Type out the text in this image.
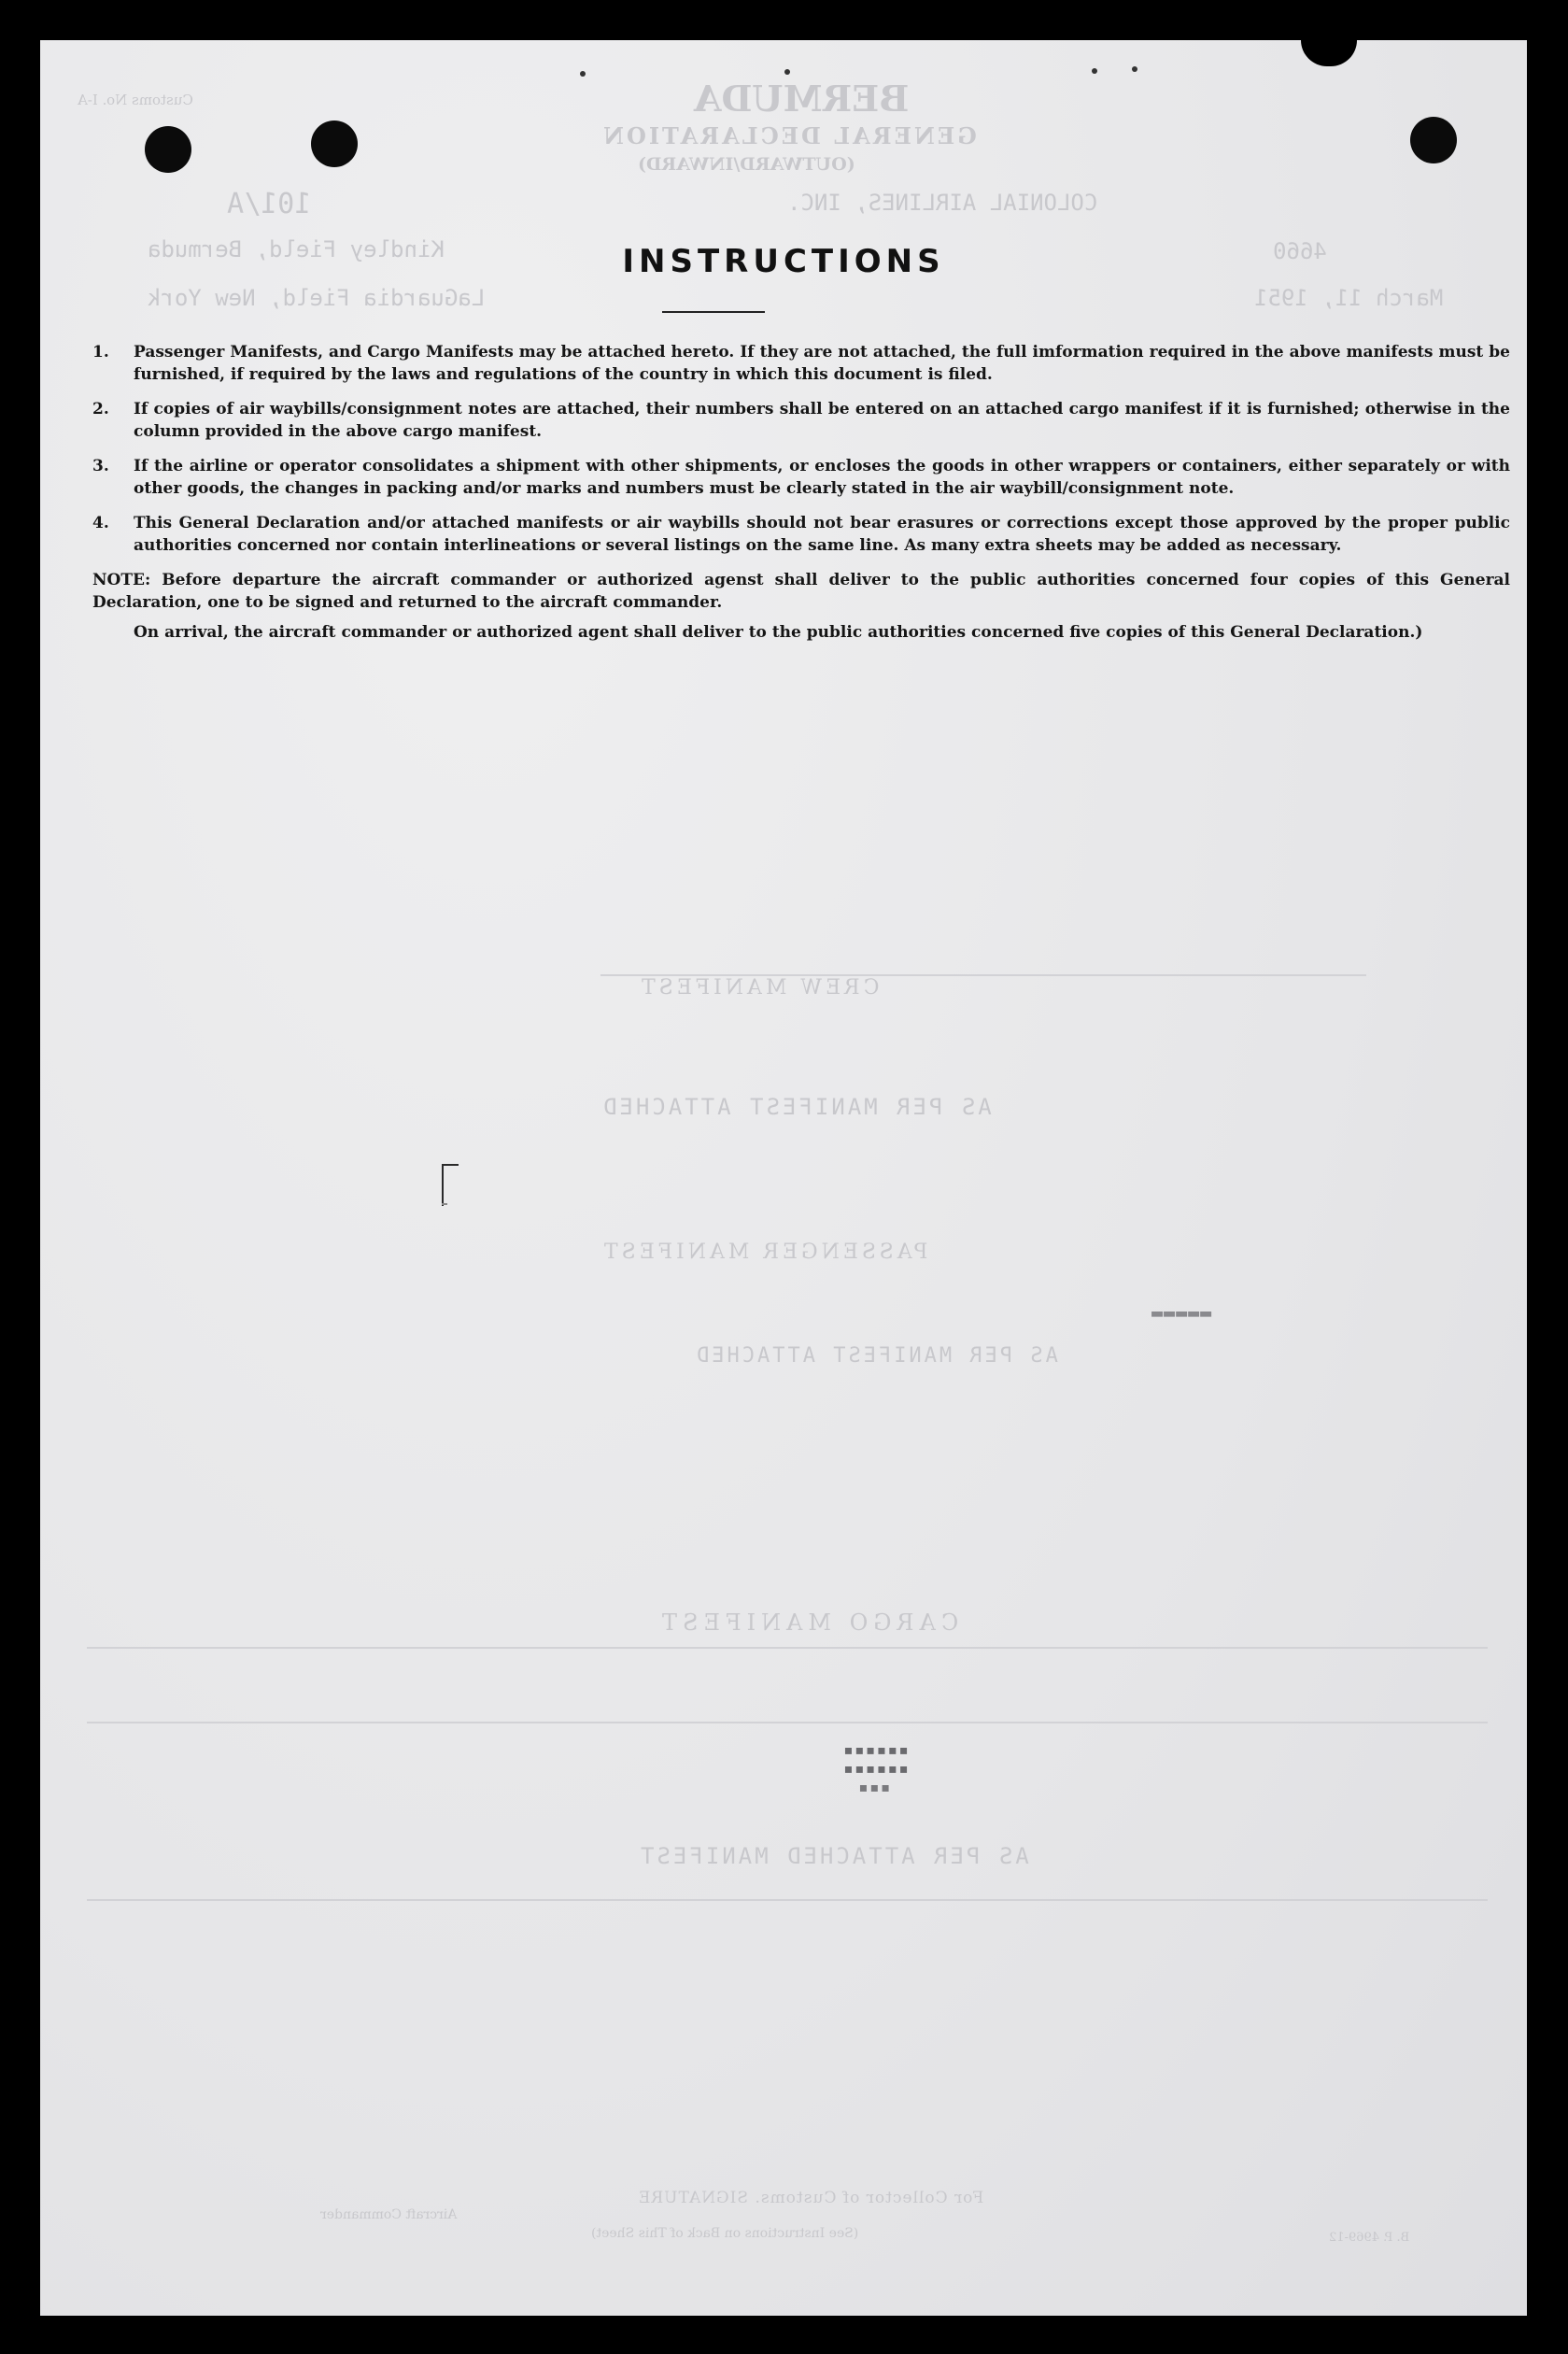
BERMUDA
Customs No. I-A
GENERAL DECLARATION
(OUTWARD/INWARD)
101/A	COLONIAL AIRLINES, INC.
Kindley Field, Bermuda	4660
LaGuardia Field, New York	March 11, 1951
CREW MANIFEST
AS PER MANIFEST ATTACHED
PASSENGER MANIFEST
AS PER MANIFEST ATTACHED
CARGO MANIFEST
AS PER ATTACHED MANIFEST
For Collector of Customs. SIGNATURE
Aircraft Commander
(See Instructions on Back of This Sheet)	B. P. 4969-12
INSTRUCTIONS
1. Passenger Manifests, and Cargo Manifests may be attached hereto. If they are not attached, the full imformation required in the above manifests must be furnished, if required by the laws and regulations of the country in which this document is filed.
2. If copies of air waybills/consignment notes are attached, their numbers shall be entered on an attached cargo manifest if it is furnished; otherwise in the column provided in the above cargo manifest.
3. If the airline or operator consolidates a shipment with other shipments, or encloses the goods in other wrappers or containers, either separately or with other goods, the changes in packing and/or marks and numbers must be clearly stated in the air waybill/consignment note.
4. This General Declaration and/or attached manifests or air waybills should not bear erasures or corrections except those approved by the proper public authorities concerned nor contain interlineations or several listings on the same line. As many extra sheets may be added as necessary.
NOTE: Before departure the aircraft commander or authorized agenst shall deliver to the public authorities concerned four copies of this General Declaration, one to be signed and returned to the aircraft commander.
On arrival, the aircraft commander or authorized agent shall deliver to the public authorities concerned five copies of this General Declaration.)
▬▬▬▬▬
▪▪▪▪▪▪
▪▪▪▪▪▪
▪▪▪
